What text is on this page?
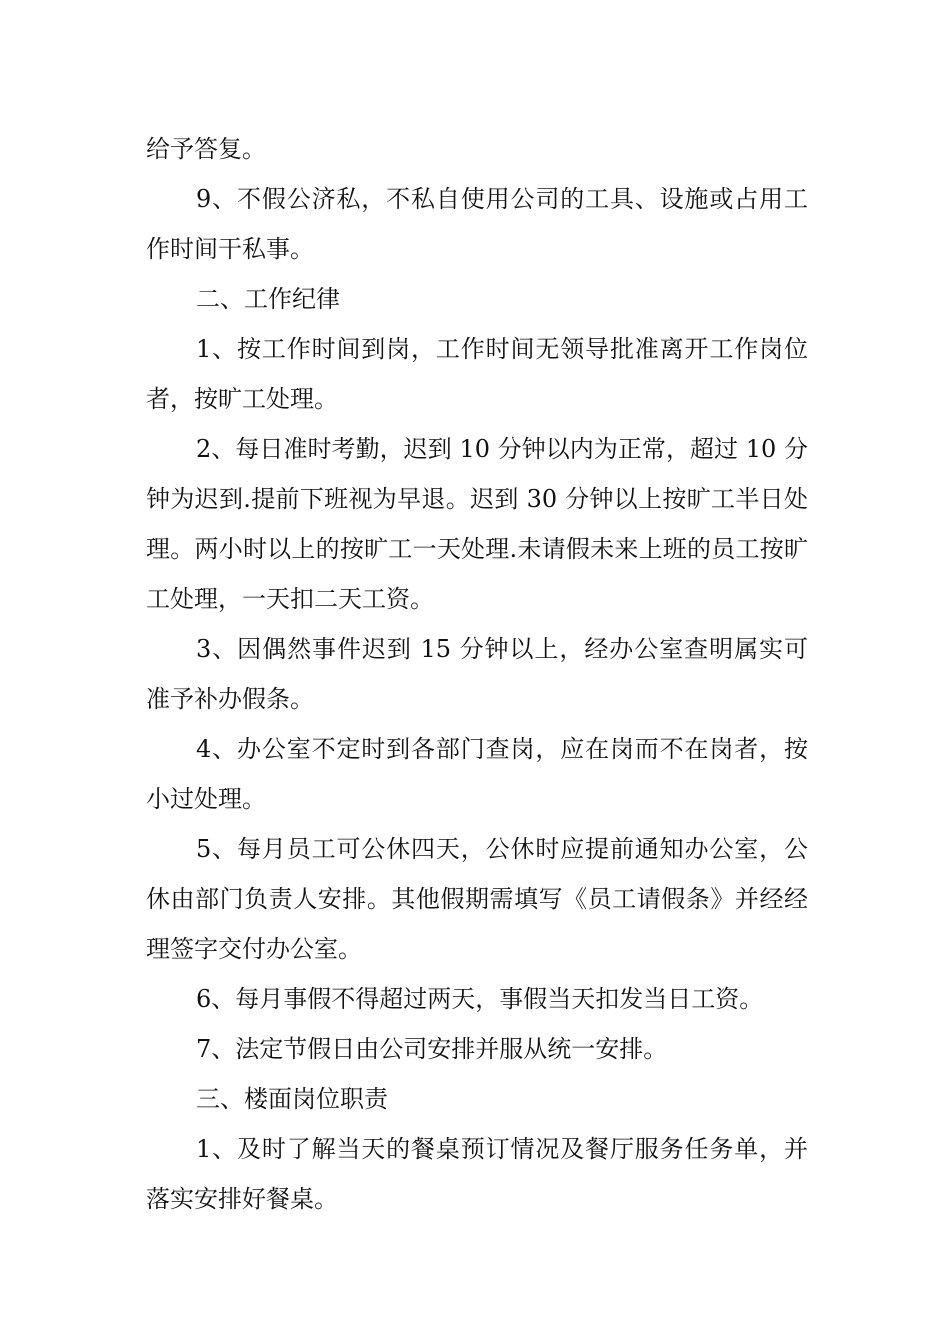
给予答复。

9、不假公济私，不私自使用公司的工具、设施或占用工作时间干私事。

二、工作纪律

1、按工作时间到岗，工作时间无领导批准离开工作岗位者，按旷工处理。

2、每日准时考勤，迟到 10 分钟以内为正常，超过 10 分钟为迟到.提前下班视为早退。迟到 30 分钟以上按旷工半日处理。两小时以上的按旷工一天处理.未请假未来上班的员工按旷工处理，一天扣二天工资。

3、因偶然事件迟到 15 分钟以上，经办公室查明属实可准予补办假条。

4、办公室不定时到各部门查岗，应在岗而不在岗者，按小过处理。

5、每月员工可公休四天，公休时应提前通知办公室，公休由部门负责人安排。其他假期需填写《员工请假条》并经经理签字交付办公室。

6、每月事假不得超过两天，事假当天扣发当日工资。

7、法定节假日由公司安排并服从统一安排。

三、楼面岗位职责

1、及时了解当天的餐桌预订情况及餐厅服务任务单，并落实安排好餐桌。
